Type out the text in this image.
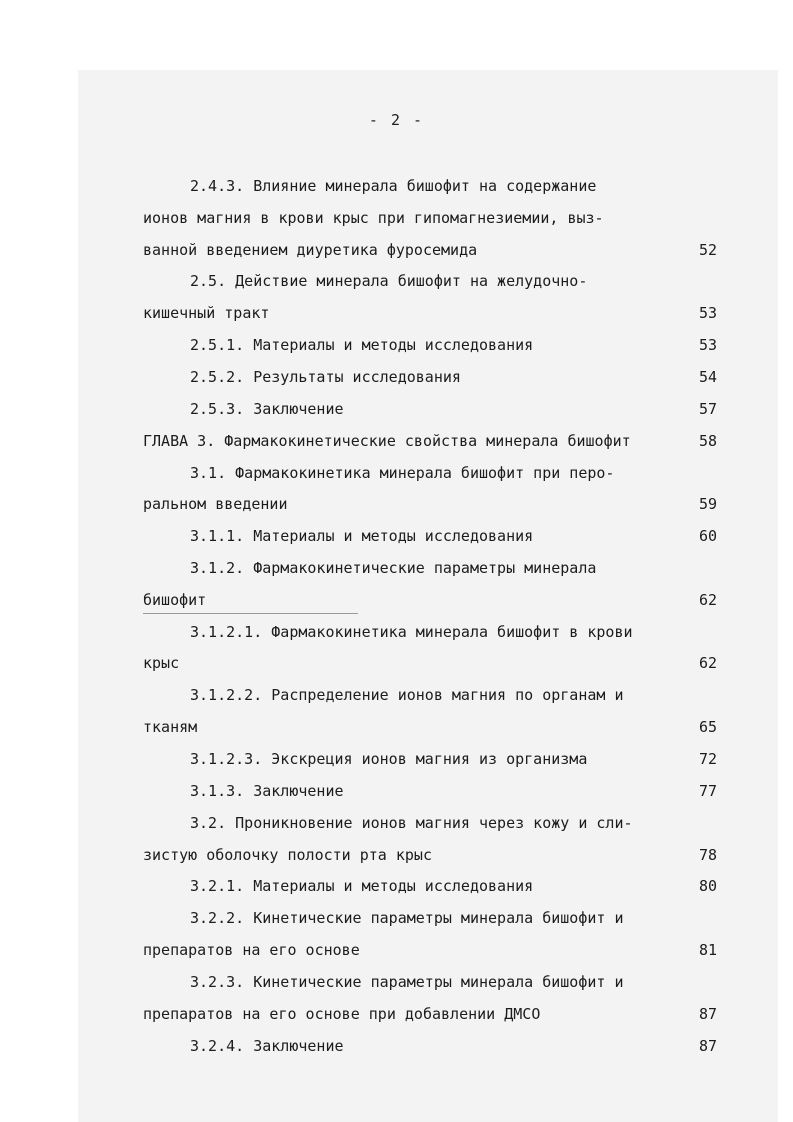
- 2 -
2.4.3. Влияние минерала бишофит на содержание
ионов магния в крови крыс при гипомагнезиемии, выз-
ванной введением диуретика фуросемида	52
2.5. Действие минерала бишофит на желудочно-
кишечный тракт	53
2.5.1. Материалы и методы исследования	53
2.5.2. Результаты исследования	54
2.5.3. Заключение	57
ГЛАВА 3. Фармакокинетические свойства минерала бишофит	58
3.1. Фармакокинетика минерала бишофит при перо-
ральном введении	59
3.1.1. Материалы и методы исследования	60
3.1.2. Фармакокинетические параметры минерала
бишофит	62
3.1.2.1. Фармакокинетика минерала бишофит в крови
крыс	62
3.1.2.2. Распределение ионов магния по органам и
тканям	65
3.1.2.3. Экскреция ионов магния из организма	72
3.1.3. Заключение	77
3.2. Проникновение ионов магния через кожу и сли-
зистую оболочку полости рта крыс	78
3.2.1. Материалы и методы исследования	80
3.2.2. Кинетические параметры минерала бишофит и
препаратов на его основе	81
3.2.3. Кинетические параметры минерала бишофит и
препаратов на его основе при добавлении ДМСО	87
3.2.4. Заключение	87
